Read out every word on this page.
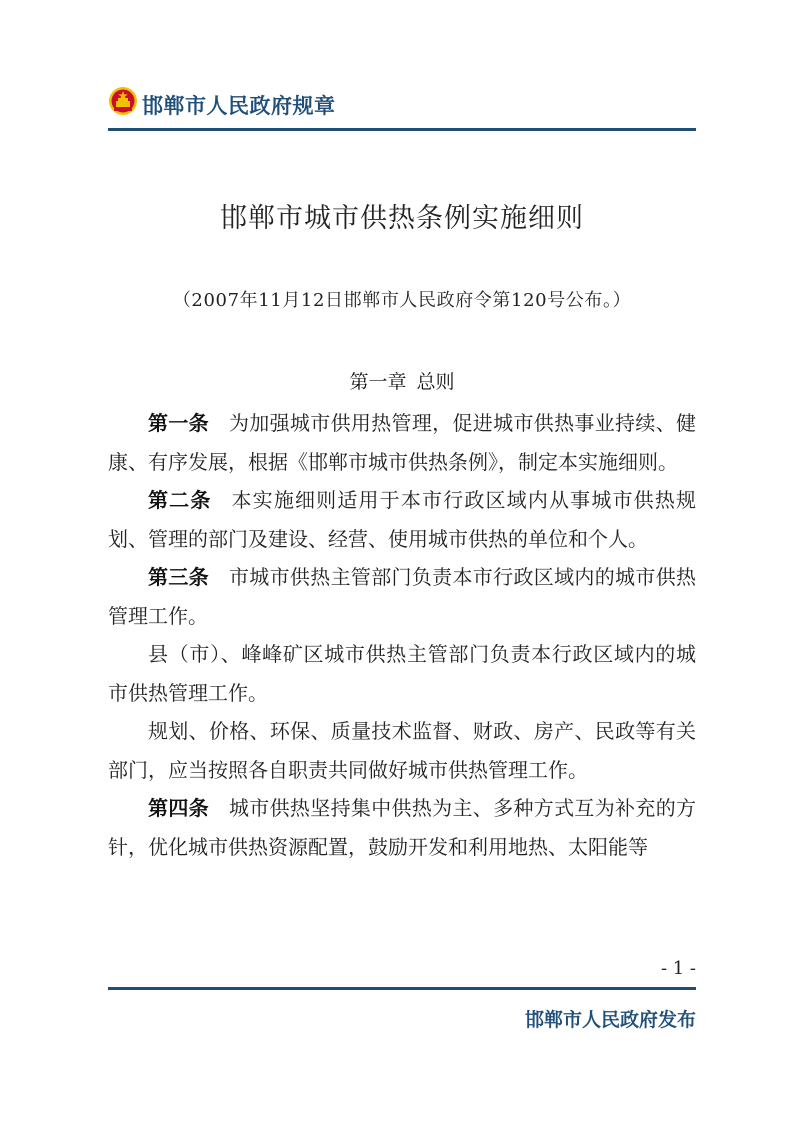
邯郸市人民政府规章
邯郸市城市供热条例实施细则
（2007年11月12日邯郸市人民政府令第120号公布。）
第一章 总则

第一条 为加强城市供用热管理，促进城市供热事业持续、健康、有序发展，根据《邯郸市城市供热条例》，制定本实施细则。

第二条 本实施细则适用于本市行政区域内从事城市供热规划、管理的部门及建设、经营、使用城市供热的单位和个人。

第三条 市城市供热主管部门负责本市行政区域内的城市供热管理工作。

县（市）、峰峰矿区城市供热主管部门负责本行政区域内的城市供热管理工作。

规划、价格、环保、质量技术监督、财政、房产、民政等有关部门，应当按照各自职责共同做好城市供热管理工作。

第四条 城市供热坚持集中供热为主、多种方式互为补充的方针，优化城市供热资源配置，鼓励开发和利用地热、太阳能等

- 1 -
邯郸市人民政府发布
